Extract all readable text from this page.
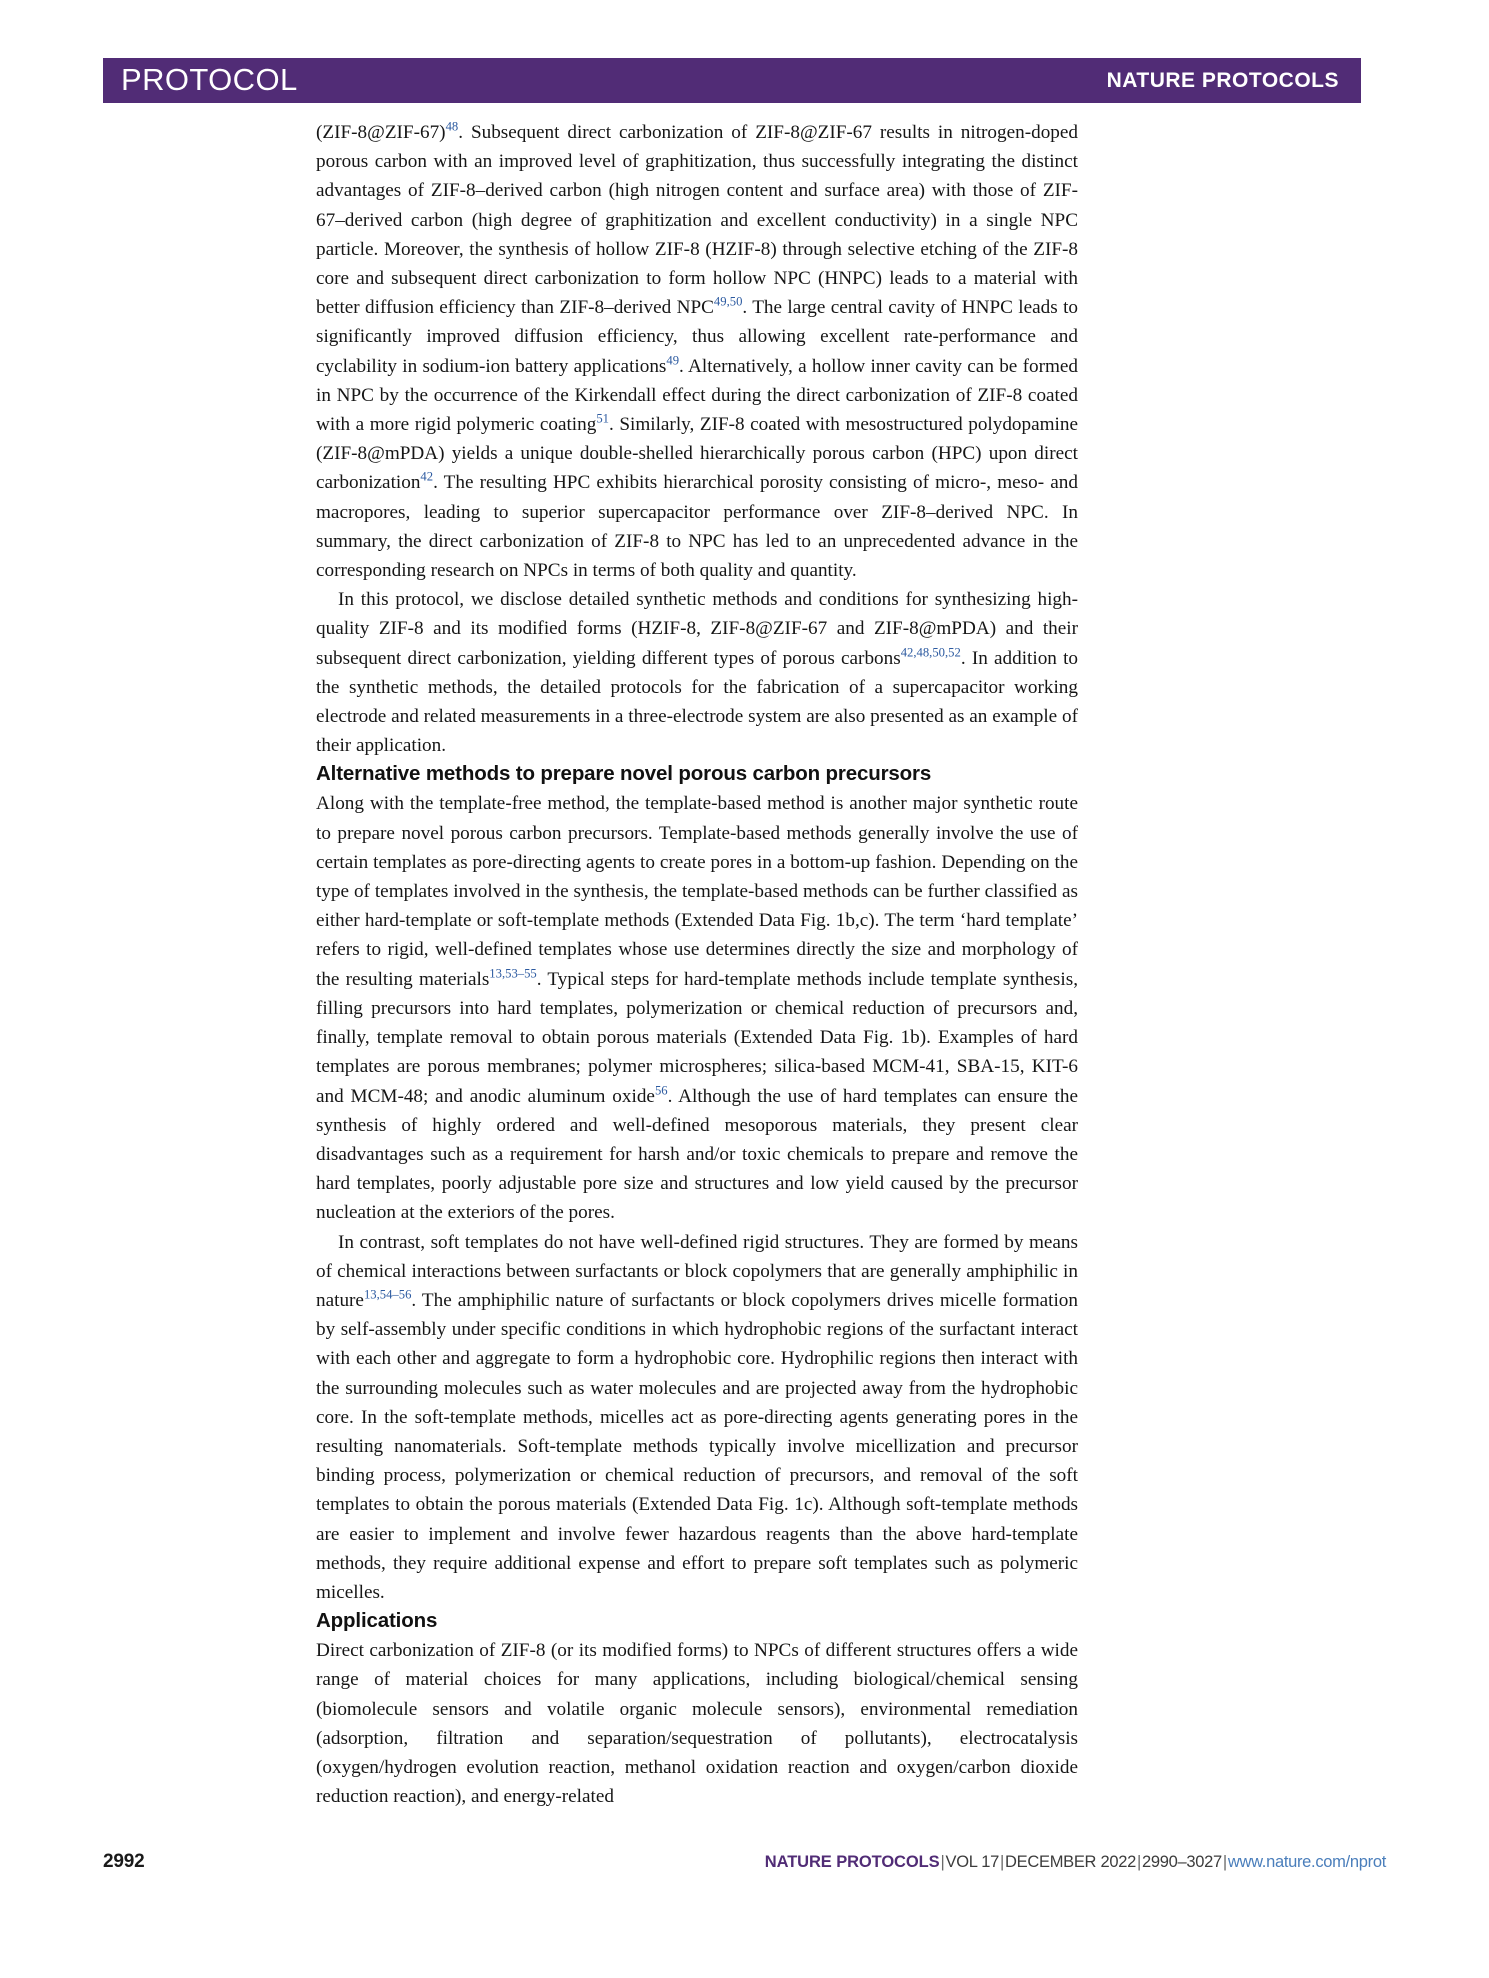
PROTOCOL	NATURE PROTOCOLS

(ZIF-8@ZIF-67)$^{48}$. Subsequent direct carbonization of ZIF-8@ZIF-67 results in nitrogen-doped porous carbon with an improved level of graphitization, thus successfully integrating the distinct advantages of ZIF-8–derived carbon (high nitrogen content and surface area) with those of ZIF-67–derived carbon (high degree of graphitization and excellent conductivity) in a single NPC particle. Moreover, the synthesis of hollow ZIF-8 (HZIF-8) through selective etching of the ZIF-8 core and subsequent direct carbonization to form hollow NPC (HNPC) leads to a material with better diffusion efficiency than ZIF-8–derived NPC$^{49,50}$. The large central cavity of HNPC leads to significantly improved diffusion efficiency, thus allowing excellent rate-performance and cyclability in sodium-ion battery applications$^{49}$. Alternatively, a hollow inner cavity can be formed in NPC by the occurrence of the Kirkendall effect during the direct carbonization of ZIF-8 coated with a more rigid polymeric coating$^{51}$. Similarly, ZIF-8 coated with mesostructured polydopamine (ZIF-8@mPDA) yields a unique double-shelled hierarchically porous carbon (HPC) upon direct carbonization$^{42}$. The resulting HPC exhibits hierarchical porosity consisting of micro-, meso- and macropores, leading to superior supercapacitor performance over ZIF-8–derived NPC. In summary, the direct carbonization of ZIF-8 to NPC has led to an unprecedented advance in the corresponding research on NPCs in terms of both quality and quantity.

In this protocol, we disclose detailed synthetic methods and conditions for synthesizing high-quality ZIF-8 and its modified forms (HZIF-8, ZIF-8@ZIF-67 and ZIF-8@mPDA) and their subsequent direct carbonization, yielding different types of porous carbons$^{42,48,50,52}$. In addition to the synthetic methods, the detailed protocols for the fabrication of a supercapacitor working electrode and related measurements in a three-electrode system are also presented as an example of their application.

Alternative methods to prepare novel porous carbon precursors

Along with the template-free method, the template-based method is another major synthetic route to prepare novel porous carbon precursors. Template-based methods generally involve the use of certain templates as pore-directing agents to create pores in a bottom-up fashion. Depending on the type of templates involved in the synthesis, the template-based methods can be further classified as either hard-template or soft-template methods (Extended Data Fig. 1b,c). The term ‘hard template’ refers to rigid, well-defined templates whose use determines directly the size and morphology of the resulting materials$^{13,53-55}$. Typical steps for hard-template methods include template synthesis, filling precursors into hard templates, polymerization or chemical reduction of precursors and, finally, template removal to obtain porous materials (Extended Data Fig. 1b). Examples of hard templates are porous membranes; polymer microspheres; silica-based MCM-41, SBA-15, KIT-6 and MCM-48; and anodic aluminum oxide$^{56}$. Although the use of hard templates can ensure the synthesis of highly ordered and well-defined mesoporous materials, they present clear disadvantages such as a requirement for harsh and/or toxic chemicals to prepare and remove the hard templates, poorly adjustable pore size and structures and low yield caused by the precursor nucleation at the exteriors of the pores.

In contrast, soft templates do not have well-defined rigid structures. They are formed by means of chemical interactions between surfactants or block copolymers that are generally amphiphilic in nature$^{13,54-56}$. The amphiphilic nature of surfactants or block copolymers drives micelle formation by self-assembly under specific conditions in which hydrophobic regions of the surfactant interact with each other and aggregate to form a hydrophobic core. Hydrophilic regions then interact with the surrounding molecules such as water molecules and are projected away from the hydrophobic core. In the soft-template methods, micelles act as pore-directing agents generating pores in the resulting nanomaterials. Soft-template methods typically involve micellization and precursor binding process, polymerization or chemical reduction of precursors, and removal of the soft templates to obtain the porous materials (Extended Data Fig. 1c). Although soft-template methods are easier to implement and involve fewer hazardous reagents than the above hard-template methods, they require additional expense and effort to prepare soft templates such as polymeric micelles.

Applications

Direct carbonization of ZIF-8 (or its modified forms) to NPCs of different structures offers a wide range of material choices for many applications, including biological/chemical sensing (biomolecule sensors and volatile organic molecule sensors), environmental remediation (adsorption, filtration and separation/sequestration of pollutants), electrocatalysis (oxygen/hydrogen evolution reaction, methanol oxidation reaction and oxygen/carbon dioxide reduction reaction), and energy-related

2992	NATURE PROTOCOLS|VOL 17|DECEMBER 2022|2990–3027|www.nature.com/nprot
